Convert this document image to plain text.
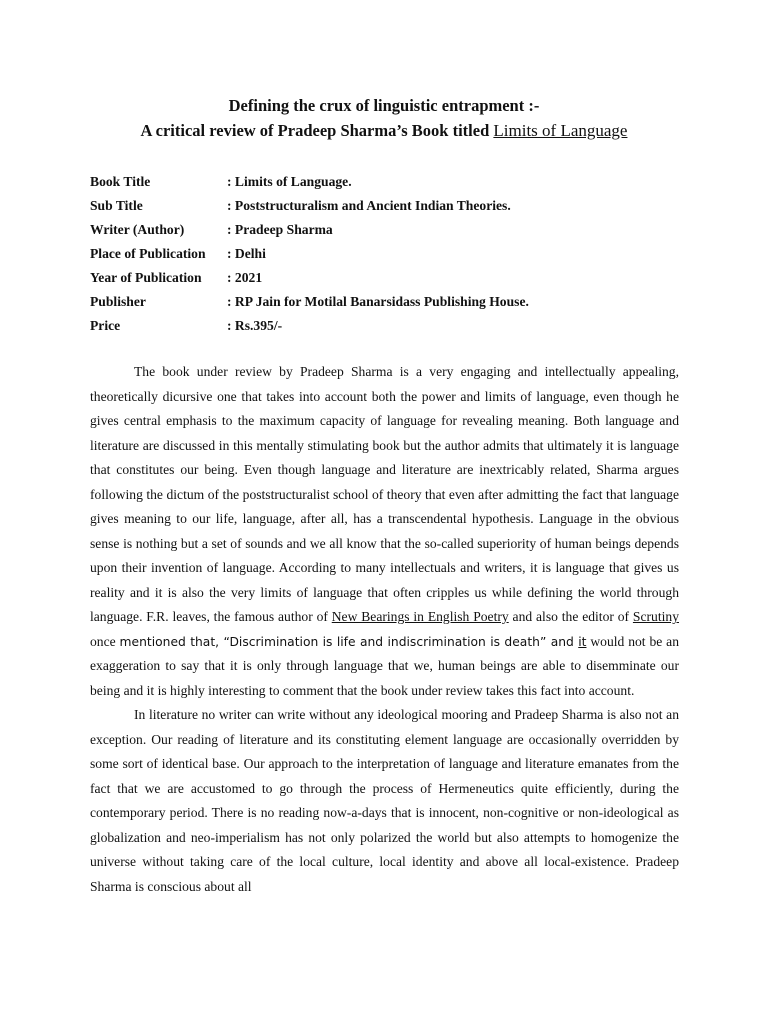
Defining the crux of linguistic entrapment :-
A critical review of Pradeep Sharma’s Book titled Limits of Language
Book Title	: Limits of Language.
Sub Title	: Poststructuralism and Ancient Indian Theories.
Writer (Author)	: Pradeep Sharma
Place of Publication	: Delhi
Year of Publication	: 2021
Publisher	: RP Jain for Motilal Banarsidass Publishing House.
Price	: Rs.395/-

The book under review by Pradeep Sharma is a very engaging and intellectually appealing, theoretically dicursive one that takes into account both the power and limits of language, even though he gives central emphasis to the maximum capacity of language for revealing meaning. Both language and literature are discussed in this mentally stimulating book but the author admits that ultimately it is language that constitutes our being. Even though language and literature are inextricably related, Sharma argues following the dictum of the poststructuralist school of theory that even after admitting the fact that language gives meaning to our life, language, after all, has a transcendental hypothesis. Language in the obvious sense is nothing but a set of sounds and we all know that the so-called superiority of human beings depends upon their invention of language. According to many intellectuals and writers, it is language that gives us reality and it is also the very limits of language that often cripples us while defining the world through language. F.R. leaves, the famous author of New Bearings in English Poetry and also the editor of Scrutiny once mentioned that, “Discrimination is life and indiscrimination is death” and it would not be an exaggeration to say that it is only through language that we, human beings are able to disemminate our being and it is highly interesting to comment that the book under review takes this fact into account.

In literature no writer can write without any ideological mooring and Pradeep Sharma is also not an exception. Our reading of literature and its constituting element language are occasionally overridden by some sort of identical base. Our approach to the interpretation of language and literature emanates from the fact that we are accustomed to go through the process of Hermeneutics quite efficiently, during the contemporary period. There is no reading now-a-days that is innocent, non-cognitive or non-ideological as globalization and neo-imperialism has not only polarized the world but also attempts to homogenize the universe without taking care of the local culture, local identity and above all local-existence. Pradeep Sharma is conscious about all
